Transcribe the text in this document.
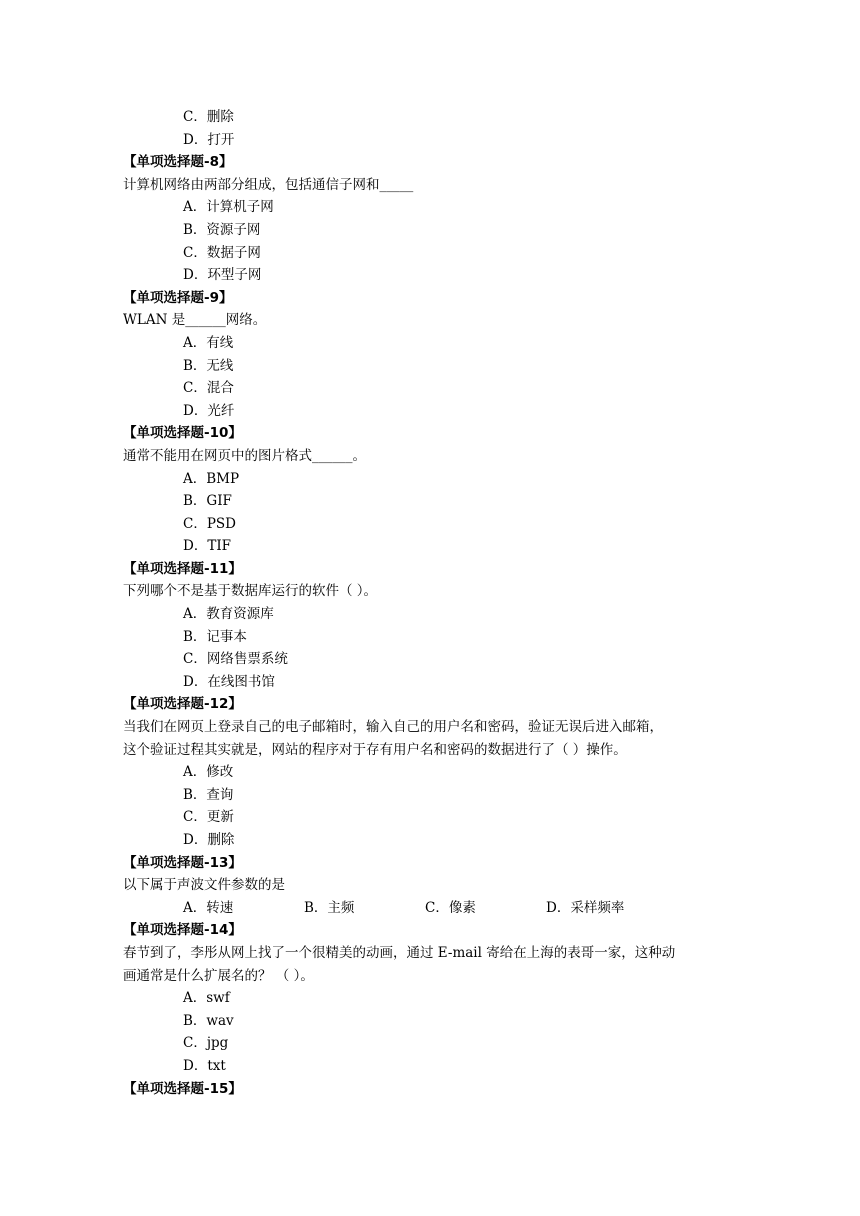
C．删除
D．打开
【单项选择题-8】
计算机网络由两部分组成，包括通信子网和_____
A．计算机子网
B．资源子网
C．数据子网
D．环型子网
【单项选择题-9】
WLAN 是______网络。
A．有线
B．无线
C．混合
D．光纤
【单项选择题-10】
通常不能用在网页中的图片格式______。
A．BMP
B．GIF
C．PSD
D．TIF
【单项选择题-11】
下列哪个不是基于数据库运行的软件（ ）。
A．教育资源库
B．记事本
C．网络售票系统
D．在线图书馆
【单项选择题-12】
当我们在网页上登录自己的电子邮箱时，输入自己的用户名和密码，验证无误后进入邮箱，
这个验证过程其实就是，网站的程序对于存有用户名和密码的数据进行了（ ）操作。
A．修改
B．查询
C．更新
D．删除
【单项选择题-13】
以下属于声波文件参数的是
A．转速	B．主频	C．像素	D．采样频率
【单项选择题-14】
春节到了，李彤从网上找了一个很精美的动画，通过 E-mail 寄给在上海的表哥一家，这种动
画通常是什么扩展名的？ （ ）。
A．swf
B．wav
C．jpg
D．txt
【单项选择题-15】
